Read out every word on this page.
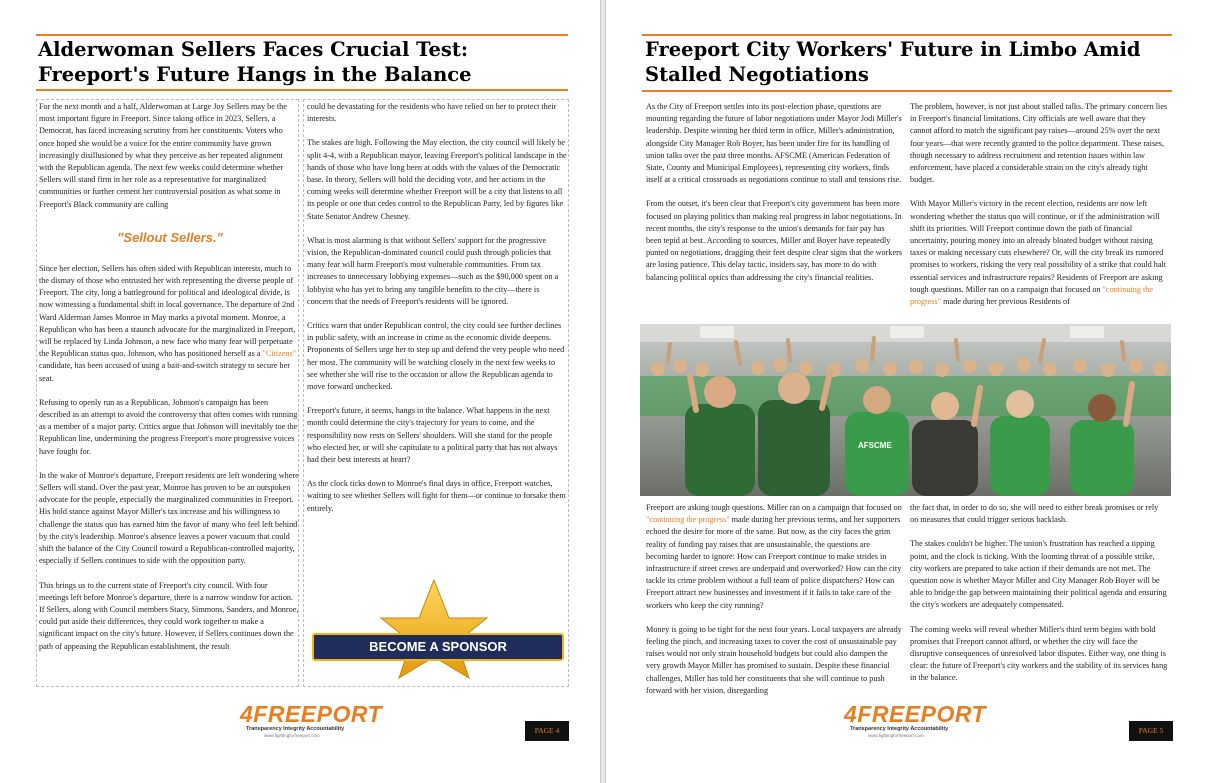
Alderwoman Sellers Faces Crucial Test: Freeport's Future Hangs in the Balance

For the next month and a half, Alderwoman at Large Joy Sellers may be the most important figure in Freeport. Since taking office in 2023, Sellers, a Democrat, has faced increasing scrutiny from her constituents. Voters who once hoped she would be a voice for the entire community have grown increasingly disillusioned by what they perceive as her repeated alignment with the Republican agenda. The next few weeks could determine whether Sellers will stand firm in her role as a representative for marginalized communities or further cement her controversial position as what some in Freeport's Black community are calling

Since her election, Sellers has often sided with Republican interests, much to the dismay of those who entrusted her with representing the diverse people of Freeport. The city, long a battleground for political and ideological divide, is now witnessing a fundamental shift in local governance. The departure of 2nd Ward Alderman James Monroe in May marks a pivotal moment. Monroe, a Republican who has been a staunch advocate for the marginalized in Freeport, will be replaced by Linda Johnson, a new face who many fear will perpetuate the Republican status quo. Johnson, who has positioned herself as a "Citizens" candidate, has been accused of using a bait-and-switch strategy to secure her seat.

Refusing to openly run as a Republican, Johnson's campaign has been described as an attempt to avoid the controversy that often comes with running as a member of a major party. Critics argue that Johnson will inevitably toe the Republican line, undermining the progress Freeport's more progressive voices have fought for.

In the wake of Monroe's departure, Freeport residents are left wondering where Sellers will stand. Over the past year, Monroe has proven to be an outspoken advocate for the people, especially the marginalized communities in Freeport. His bold stance against Mayor Miller's tax increase and his willingness to challenge the status quo has earned him the favor of many who feel left behind by the city's leadership. Monroe's absence leaves a power vacuum that could shift the balance of the City Council toward a Republican-controlled majority, especially if Sellers continues to side with the opposition party.

This brings us to the current state of Freeport's city council. With four meetings left before Monroe's departure, there is a narrow window for action. If Sellers, along with Council members Stacy, Simmons, Sanders, and Monroe, could put aside their differences, they could work together to make a significant impact on the city's future. However, if Sellers continues down the path of appeasing the Republican establishment, the result

"Sellout Sellers."

could be devastating for the residents who have relied on her to protect their interests.

The stakes are high. Following the May election, the city council will likely be split 4-4, with a Republican mayor, leaving Freeport's political landscape in the hands of those who have long been at odds with the values of the Democratic base. In theory, Sellers will hold the deciding vote, and her actions in the coming weeks will determine whether Freeport will be a city that listens to all its people or one that cedes control to the Republican Party, led by figures like State Senator Andrew Chesney.

What is most alarming is that without Sellers' support for the progressive vision, the Republican-dominated council could push through policies that many fear will harm Freeport's most vulnerable communities. From tax increases to unnecessary lobbying expenses—such as the $90,000 spent on a lobbyist who has yet to bring any tangible benefits to the city—there is concern that the needs of Freeport's residents will be ignored.

Critics warn that under Republican control, the city could see further declines in public safety, with an increase in crime as the economic divide deepens. Proponents of Sellers urge her to step up and defend the very people who need her most. The community will be watching closely in the next few weeks to see whether she will rise to the occasion or allow the Republican agenda to move forward unchecked.

Freeport's future, it seems, hangs in the balance. What happens in the next month could determine the city's trajectory for years to come, and the responsibility now rests on Sellers' shoulders. Will she stand for the people who elected her, or will she capitulate to a political party that has not always had their best interests at heart?

As the clock ticks down to Monroe's final days in office, Freeport watches, waiting to see whether Sellers will fight for them—or continue to forsake them entirely.

BECOME A SPONSOR
4FREEPORT
Transparency Integrity Accountability
www.fightingforfreeport.com
PAGE 4
Freeport City Workers' Future in Limbo Amid Stalled Negotiations

As the City of Freeport settles into its post-election phase, questions are mounting regarding the future of labor negotiations under Mayor Jodi Miller's leadership. Despite winning her third term in office, Miller's administration, alongside City Manager Rob Boyer, has been under fire for its handling of union talks over the past three months. AFSCME (American Federation of State, County and Municipal Employees), representing city workers, finds itself at a critical crossroads as negotiations continue to stall and tensions rise.

From the outset, it's been clear that Freeport's city government has been more focused on playing politics than making real progress in labor negotiations. In recent months, the city's response to the union's demands for fair pay has been tepid at best. According to sources, Miller and Boyer have repeatedly punted on negotiations, dragging their feet despite clear signs that the workers are losing patience. This delay tactic, insiders say, has more to do with balancing political optics than addressing the city's financial realities.

The problem, however, is not just about stalled talks. The primary concern lies in Freeport's financial limitations. City officials are well aware that they cannot afford to match the significant pay raises—around 25% over the next four years—that were recently granted to the police department. These raises, though necessary to address recruitment and retention issues within law enforcement, have placed a considerable strain on the city's already tight budget.

With Mayor Miller's victory in the recent election, residents are now left wondering whether the status quo will continue, or if the administration will shift its priorities. Will Freeport continue down the path of financial uncertainty, pouring money into an already bloated budget without raising taxes or making necessary cuts elsewhere? Or, will the city break its rumored promises to workers, risking the very real possibility of a strike that could halt essential services and infrastructure repairs? Residents of Freeport are asking tough questions. Miller ran on a campaign that focused on "continuing the progress" made during her previous Residents of

Freeport are asking tough questions. Miller ran on a campaign that focused on "continuing the progress" made during her previous terms, and her supporters echoed the desire for more of the same. But now, as the city faces the grim reality of funding pay raises that are unsustainable, the questions are becoming harder to ignore: How can Freeport continue to make strides in infrastructure if street crews are underpaid and overworked? How can the city tackle its crime problem without a full team of police dispatchers? How can Freeport attract new businesses and investment if it fails to take care of the workers who keep the city running?

Money is going to be tight for the next four years. Local taxpayers are already feeling the pinch, and increasing taxes to cover the cost of unsustainable pay raises would not only strain household budgets but could also dampen the very growth Mayor Miller has promised to sustain. Despite these financial challenges, Miller has told her constituents that she will continue to push forward with her vision, disregarding

the fact that, in order to do so, she will need to either break promises or rely on measures that could trigger serious backlash.

The stakes couldn't be higher. The union's frustration has reached a tipping point, and the clock is ticking. With the looming threat of a possible strike, city workers are prepared to take action if their demands are not met. The question now is whether Mayor Miller and City Manager Rob Boyer will be able to bridge the gap between maintaining their political agenda and ensuring the city's workers are adequately compensated.

The coming weeks will reveal whether Miller's third term begins with bold promises that Freeport cannot afford, or whether the city will face the disruptive consequences of unresolved labor disputes. Either way, one thing is clear: the future of Freeport's city workers and the stability of its services hang in the balance.

4FREEPORT
Transparency Integrity Accountability
www.fightingforfreeport.com
PAGE 5
AFSCME
